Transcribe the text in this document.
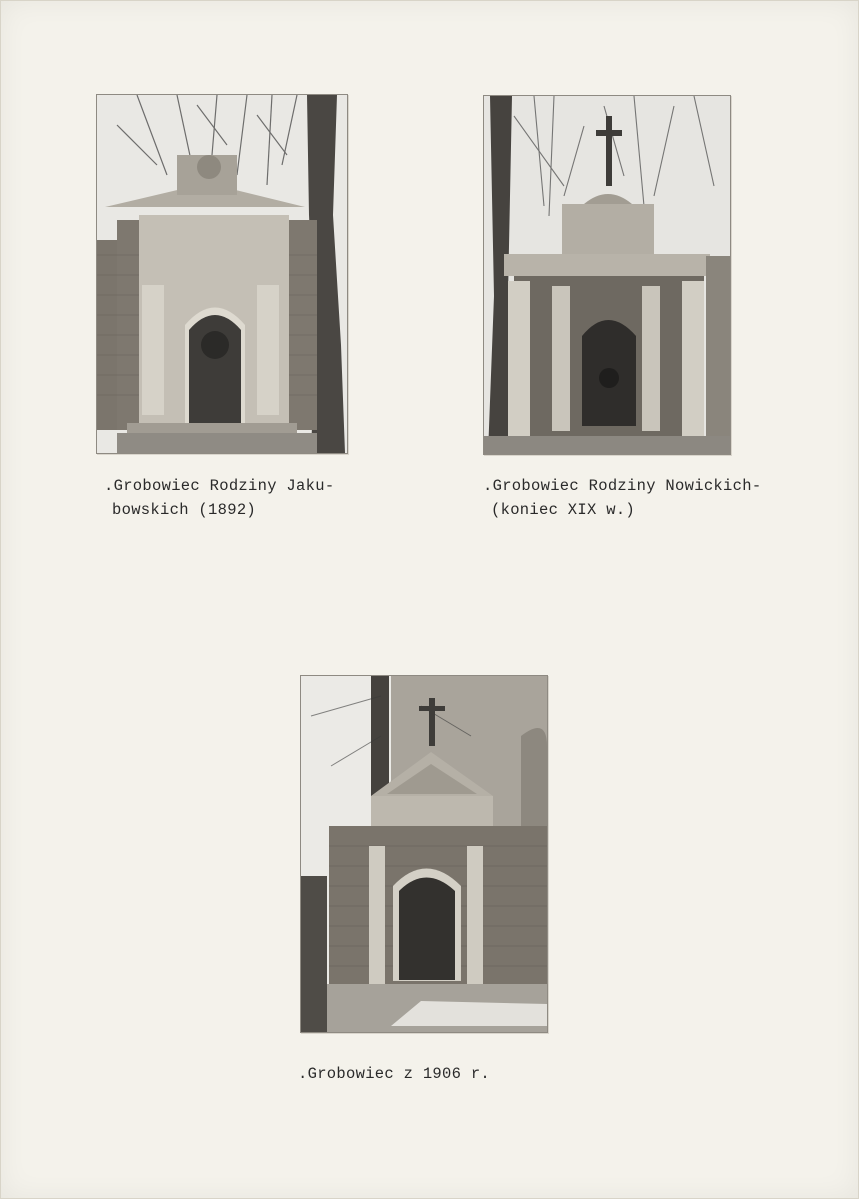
.Grobowiec Rodziny Jaku-
bowskich (1892)
.Grobowiec Rodziny Nowickich-
(koniec XIX w.)
.Grobowiec z 1906 r.
